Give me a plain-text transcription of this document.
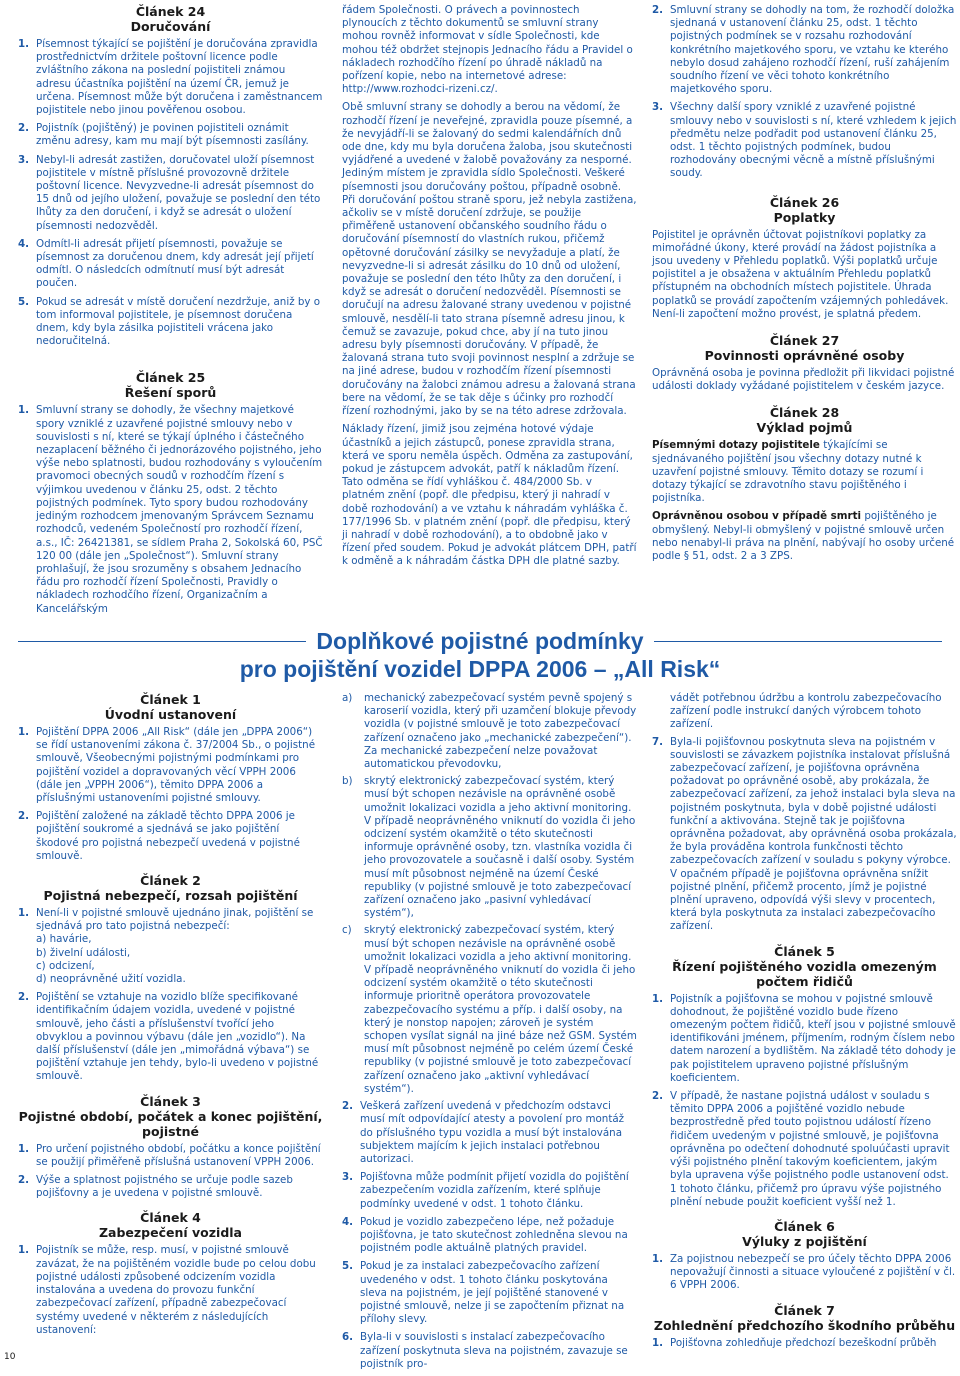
Článek 24
Doručování
1. Písemnost týkající se pojištění je doručována zpravidla prostřednictvím držitele poštovní licence podle zvláštního zákona na poslední pojistiteli známou adresu účastníka pojištění na území ČR, jemuž je určena. Písemnost může být doručena i zaměstnancem pojistitele nebo jinou pověřenou osobou.
2. Pojistník (pojištěný) je povinen pojistiteli oznámit změnu adresy, kam mu mají být písemnosti zasílány.
3. Nebyl-li adresát zastižen, doručovatel uloží písemnost pojistitele v místně příslušné provozovně držitele poštovní licence. Nevyzvedne-li adresát písemnost do 15 dnů od jejího uložení, považuje se poslední den této lhůty za den doručení, i když se adresát o uložení písemnosti nedozvěděl.
4. Odmítl-li adresát přijetí písemnosti, považuje se písemnost za doručenou dnem, kdy adresát její přijetí odmítl. O následcích odmítnutí musí být adresát poučen.
5. Pokud se adresát v místě doručení nezdržuje, aniž by o tom informoval pojistitele, je písemnost doručena dnem, kdy byla zásilka pojistiteli vrácena jako nedoručitelná.
Článek 25
Řešení sporů
1. Smluvní strany se dohodly, že všechny majetkové spory vzniklé z uzavřené pojistné smlouvy nebo v souvislosti s ní, které se týkají úplného i částečného nezaplacení běžného či jednorázového pojistného, jeho výše nebo splatnosti, budou rozhodovány s vyloučením pravomoci obecných soudů v rozhodčím řízení s výjimkou uvedenou v článku 25, odst. 2 těchto pojistných podmínek. Tyto spory budou rozhodovány jediným rozhodcem jmenovaným Správcem Seznamu rozhodců, vedeném Společností pro rozhodčí řízení, a.s., IČ: 26421381, se sídlem Praha 2, Sokolská 60, PSČ 120 00 (dále jen „Společnost“). Smluvní strany prohlašují, že jsou srozuměny s obsahem Jednacího řádu pro rozhodčí řízení Společnosti, Pravidly o nákladech rozhodčího řízení, Organizačním a Kancelářským

řádem Společnosti. O právech a povinnostech plynoucích z těchto dokumentů se smluvní strany mohou rovněž informovat v sídle Společnosti, kde mohou též obdržet stejnopis Jednacího řádu a Pravidel o nákladech rozhodčího řízení po úhradě nákladů na pořízení kopie, nebo na internetové adrese: http://www.rozhodci-rizeni.cz/.

Obě smluvní strany se dohodly a berou na vědomí, že rozhodčí řízení je neveřejné, zpravidla pouze písemné, a že nevyjádří-li se žalovaný do sedmi kalendářních dnů ode dne, kdy mu byla doručena žaloba, jsou skutečnosti vyjádřené a uvedené v žalobě považovány za nesporné. Jediným místem je zpravidla sídlo Společnosti. Veškeré písemnosti jsou doručovány poštou, případně osobně. Při doručování poštou straně sporu, jež nebyla zastižena, ačkoliv se v místě doručení zdržuje, se použije přiměřeně ustanovení občanského soudního řádu o doručování písemností do vlastních rukou, přičemž opětovné doručování zásilky se nevyžaduje a platí, že nevyzvedne-li si adresát zásilku do 10 dnů od uložení, považuje se poslední den této lhůty za den doručení, i když se adresát o doručení nedozvěděl. Písemnosti se doručují na adresu žalované strany uvedenou v pojistné smlouvě, nesdělí-li tato strana písemně adresu jinou, k čemuž se zavazuje, pokud chce, aby jí na tuto jinou adresu byly písemnosti doručovány. V případě, že žalovaná strana tuto svoji povinnost nesplní a zdržuje se na jiné adrese, budou v rozhodčím řízení písemnosti doručovány na žalobci známou adresu a žalovaná strana bere na vědomí, že se tak děje s účinky pro rozhodčí řízení rozhodnými, jako by se na této adrese zdržovala.

Náklady řízení, jimiž jsou zejména hotové výdaje účastníků a jejich zástupců, ponese zpravidla strana, která ve sporu neměla úspěch. Odměna za zastupování, pokud je zástupcem advokát, patří k nákladům řízení. Tato odměna se řídí vyhláškou č. 484/2000 Sb. v platném znění (popř. dle předpisu, který ji nahradí v době rozhodování) a ve vztahu k náhradám vyhláška č. 177/1996 Sb. v platném znění (popř. dle předpisu, který ji nahradí v době rozhodování), a to obdobně jako v řízení před soudem. Pokud je advokát plátcem DPH, patří k odměně a k náhradám částka DPH dle platné sazby.

2. Smluvní strany se dohodly na tom, že rozhodčí doložka sjednaná v ustanovení článku 25, odst. 1 těchto pojistných podmínek se v rozsahu rozhodování konkrétního majetkového sporu, ve vztahu ke kterého nebylo dosud zahájeno rozhodčí řízení, ruší zahájením soudního řízení ve věci tohoto konkrétního majetkového sporu.
3. Všechny další spory vzniklé z uzavřené pojistné smlouvy nebo v souvislosti s ní, které vzhledem k jejich předmětu nelze podřadit pod ustanovení článku 25, odst. 1 těchto pojistných podmínek, budou rozhodovány obecnými věcně a místně příslušnými soudy.
Článek 26
Poplatky

Pojistitel je oprávněn účtovat pojistníkovi poplatky za mimořádné úkony, které provádí na žádost pojistníka a jsou uvedeny v Přehledu poplatků. Výši poplatků určuje pojistitel a je obsažena v aktuálním Přehledu poplatků přístupném na obchodních místech pojistitele. Úhrada poplatků se provádí započtením vzájemných pohledávek. Není-li započtení možno provést, je splatná předem.

Článek 27
Povinnosti oprávněné osoby

Oprávněná osoba je povinna předložit při likvidaci pojistné události doklady vyžádané pojistitelem v českém jazyce.

Článek 28
Výklad pojmů

Písemnými dotazy pojistitele týkajícími se sjednávaného pojištění jsou všechny dotazy nutné k uzavření pojistné smlouvy. Těmito dotazy se rozumí i dotazy týkající se zdravotního stavu pojištěného i pojistníka.

Oprávněnou osobou v případě smrti pojištěného je obmyšlený. Nebyl-li obmyšlený v pojistné smlouvě určen nebo nenabyl-li práva na plnění, nabývají ho osoby určené podle § 51, odst. 2 a 3 ZPS.

Doplňkové pojistné podmínky
pro pojištění vozidel DPPA 2006 – „All Risk“
Článek 1
Úvodní ustanovení
1. Pojištění DPPA 2006 „All Risk“ (dále jen „DPPA 2006“) se řídí ustanoveními zákona č. 37/2004 Sb., o pojistné smlouvě, Všeobecnými pojistnými podmínkami pro pojištění vozidel a dopravovaných věcí VPPH 2006 (dále jen „VPPH 2006“), těmito DPPA 2006 a příslušnými ustanoveními pojistné smlouvy.
2. Pojištění založené na základě těchto DPPA 2006 je pojištění soukromé a sjednává se jako pojištění škodové pro pojistná nebezpečí uvedená v pojistné smlouvě.
Článek 2
Pojistná nebezpečí, rozsah pojištění
1. Není-li v pojistné smlouvě ujednáno jinak, pojištění se sjednává pro tato pojistná nebezpečí:
a) havárie,
b) živelní události,
c) odcizení,
d) neoprávněné užití vozidla.
2. Pojištění se vztahuje na vozidlo blíže specifikované identifikačním údajem vozidla, uvedené v pojistné smlouvě, jeho části a příslušenství tvořící jeho obvyklou a povinnou výbavu (dále jen „vozidlo“). Na další příslušenství (dále jen „mimořádná výbava“) se pojištění vztahuje jen tehdy, bylo-li uvedeno v pojistné smlouvě.
Článek 3
Pojistné období, počátek a konec pojištění, pojistné
1. Pro určení pojistného období, počátku a konce pojištění se použijí přiměřeně příslušná ustanovení VPPH 2006.
2. Výše a splatnost pojistného se určuje podle sazeb pojišťovny a je uvedena v pojistné smlouvě.
Článek 4
Zabezpečení vozidla
1. Pojistník se může, resp. musí, v pojistné smlouvě zavázat, že na pojištěném vozidle bude po celou dobu pojistné události způsobené odcizením vozidla instalována a uvedena do provozu funkční zabezpečovací zařízení, případně zabezpečovací systémy uvedené v některém z následujících ustanovení:
a)	mechanický zabezpečovací systém pevně spojený s karoserií vozidla, který při uzamčení blokuje převody vozidla (v pojistné smlouvě je toto zabezpečovací zařízení označeno jako „mechanické zabezpečení“). Za mechanické zabezpečení nelze považovat automatickou převodovku,
b)	skrytý elektronický zabezpečovací systém, který musí být schopen nezávisle na oprávněné osobě umožnit lokalizaci vozidla a jeho aktivní monitoring. V případě neoprávněného vniknutí do vozidla či jeho odcizení systém okamžitě o této skutečnosti informuje oprávněné osoby, tzn. vlastníka vozidla či jeho provozovatele a současně i další osoby. Systém musí mít působnost nejméně na území České republiky (v pojistné smlouvě je toto zabezpečovací zařízení označeno jako „pasivní vyhledávací systém“),
c)	skrytý elektronický zabezpečovací systém, který musí být schopen nezávisle na oprávněné osobě umožnit lokalizaci vozidla a jeho aktivní monitoring. V případě neoprávněného vniknutí do vozidla či jeho odcizení systém okamžitě o této skutečnosti informuje prioritně operátora provozovatele zabezpečovacího systému a příp. i další osoby, na který je nonstop napojen; zároveň je systém schopen vysílat signál na jiné báze než GSM. Systém musí mít působnost nejméně po celém území České republiky (v pojistné smlouvě je toto zabezpečovací zařízení označeno jako „aktivní vyhledávací systém“).
2. Veškerá zařízení uvedená v předchozím odstavci musí mít odpovídající atesty a povolení pro montáž do příslušného typu vozidla a musí být instalována subjektem majícím k jejich instalaci potřebnou autorizaci.
3. Pojišťovna může podmínit přijetí vozidla do pojištění zabezpečením vozidla zařízením, které splňuje podmínky uvedené v odst. 1 tohoto článku.
4. Pokud je vozidlo zabezpečeno lépe, než požaduje pojišťovna, je tato skutečnost zohledněna slevou na pojistném podle aktuálně platných pravidel.
5. Pokud je za instalaci zabezpečovacího zařízení uvedeného v odst. 1 tohoto článku poskytována sleva na pojistném, je její pojištěné stanovené v pojistné smlouvě, nelze ji se započtením přiznat na přílohy slevy.
6. Byla-li v souvislosti s instalací zabezpečovacího zařízení poskytnuta sleva na pojistném, zavazuje se pojistník pro-
vádět potřebnou údržbu a kontrolu zabezpečovacího zařízení podle instrukcí daných výrobcem tohoto zařízení.
7. Byla-li pojišťovnou poskytnuta sleva na pojistném v souvislosti se závazkem pojistníka instalovat příslušná zabezpečovací zařízení, je pojišťovna oprávněna požadovat po oprávněné osobě, aby prokázala, že zabezpečovací zařízení, za jehož instalaci byla sleva na pojistném poskytnuta, byla v době pojistné události funkční a aktivována. Stejně tak je pojišťovna oprávněna požadovat, aby oprávněná osoba prokázala, že byla prováděna kontrola funkčnosti těchto zabezpečovacích zařízení v souladu s pokyny výrobce. V opačném případě je pojišťovna oprávněna snížit pojistné plnění, přičemž procento, jímž je pojistné plnění upraveno, odpovídá výši slevy v procentech, která byla poskytnuta za instalaci zabezpečovacího zařízení.
Článek 5
Řízení pojištěného vozidla omezeným počtem řidičů
1. Pojistník a pojišťovna se mohou v pojistné smlouvě dohodnout, že pojištěné vozidlo bude řízeno omezeným počtem řidičů, kteří jsou v pojistné smlouvě identifikováni jménem, příjmením, rodným číslem nebo datem narození a bydlištěm. Na základě této dohody je pak pojistitelem upraveno pojistné příslušným koeficientem.
2. V případě, že nastane pojistná událost v souladu s těmito DPPA 2006 a pojištěné vozidlo nebude bezprostředně před touto pojistnou událostí řízeno řidičem uvedeným v pojistné smlouvě, je pojišťovna oprávněna po odečtení dohodnuté spoluúčasti upravit výši pojistného plnění takovým koeficientem, jakým byla upravena výše pojistného podle ustanovení odst. 1 tohoto článku, přičemž pro úpravu výše pojistného plnění nebude použit koeficient vyšší než 1.
Článek 6
Výluky z pojištění
1. Za pojistnou nebezpečí se pro účely těchto DPPA 2006 nepovažují činnosti a situace vyloučené z pojištění v čl. 6 VPPH 2006.
Článek 7
Zohlednění předchozího škodního průběhu
1. Pojišťovna zohledňuje předchozí bezeškodní průběh
10
